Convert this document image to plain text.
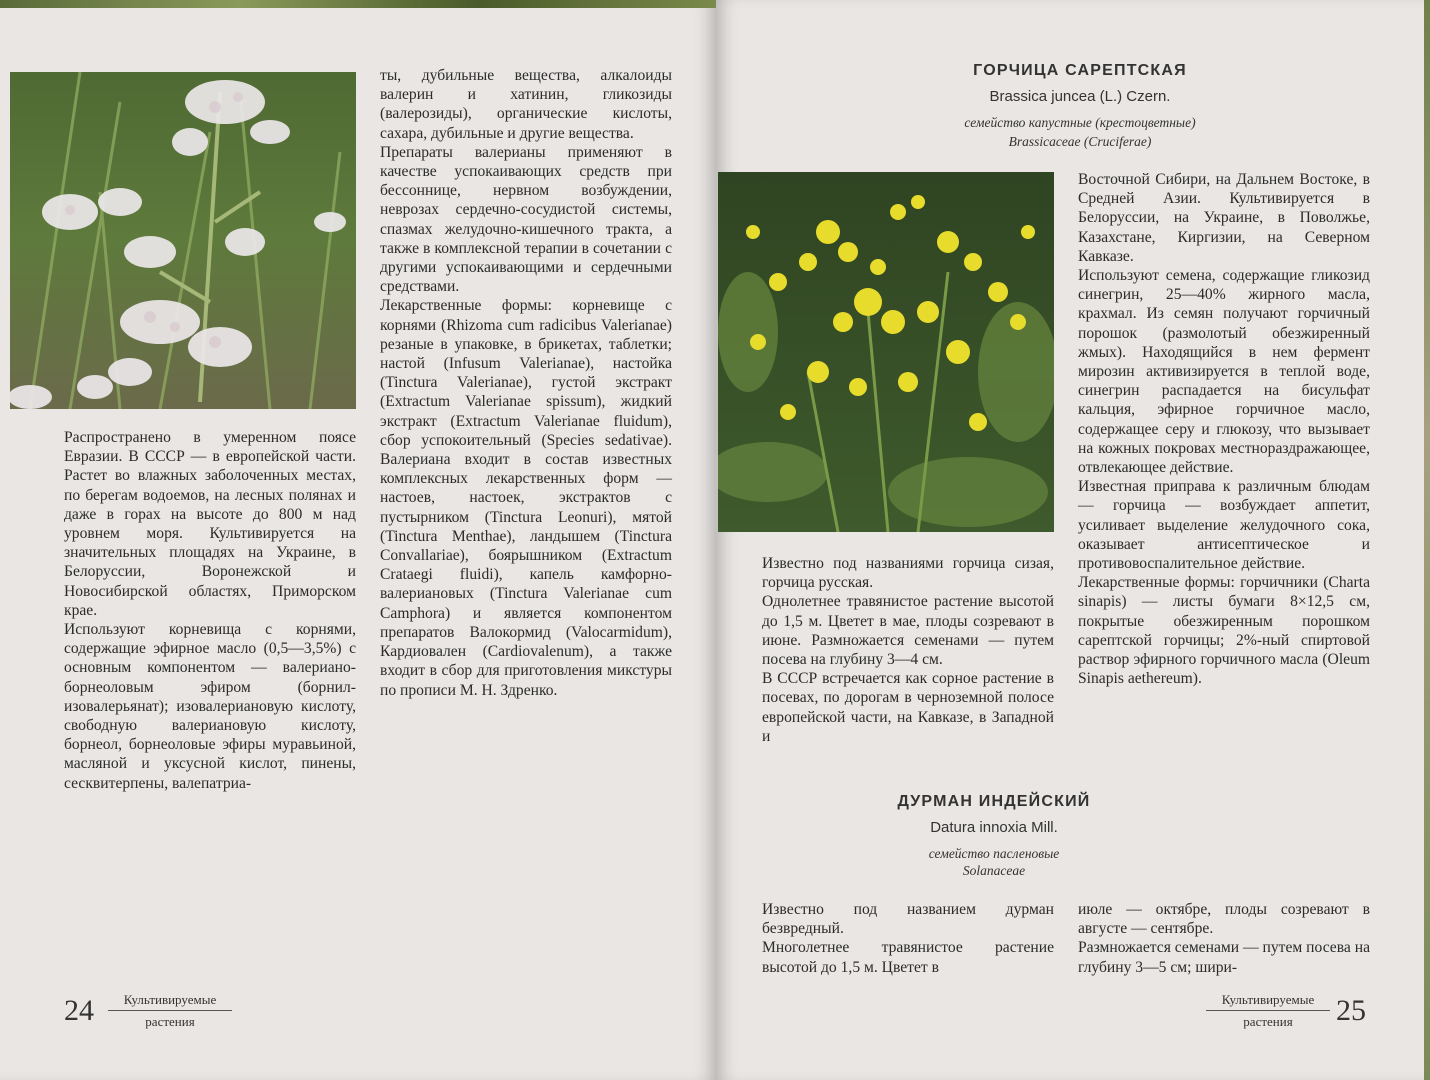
Распространено в умеренном поясе Евразии. В СССР — в европейской части. Растет во влажных заболоченных местах, по берегам водоемов, на лесных полянах и даже в горах на высоте до 800 м над уровнем моря. Культивируется на значительных площадях на Украине, в Белоруссии, Воронежской и Новосибирской областях, Приморском крае.

Используют корневища с корнями, содержащие эфирное масло (0,5—3,5%) с основным компонентом — валериано-борнеоловым эфиром (борнил-изовалерьянат); изовалериановую кислоту, свободную валериановую кислоту, борнеол, борнеоловые эфиры муравьиной, масляной и уксусной кислот, пинены, сесквитерпены, валепатриа-

ты, дубильные вещества, алкалоиды валерин и хатинин, гликозиды (валерозиды), органические кислоты, сахара, дубильные и другие вещества.

Препараты валерианы применяют в качестве успокаивающих средств при бессоннице, нервном возбуждении, неврозах сердечно-сосудистой системы, спазмах желудочно-кишечного тракта, а также в комплексной терапии в сочетании с другими успокаивающими и сердечными средствами.

Лекарственные формы: корневище с корнями (Rhizoma cum radicibus Valerianae) резаные в упаковке, в брикетах, таблетки; настой (Infusum Valerianae), настойка (Tinctura Valerianae), густой экстракт (Extractum Valerianae spissum), жидкий экстракт (Extractum Valerianae fluidum), сбор успокоительный (Species sedativae). Валериана входит в состав известных комплексных лекарственных форм — настоев, настоек, экстрактов с пустырником (Tinctura Leonuri), мятой (Tinctura Menthae), ландышем (Tinctura Convallariae), боярышником (Extractum Crataegi fluidi), капель камфорно-валериановых (Tinctura Valerianae cum Camphora) и является компонентом препаратов Валокормид (Valocarmidum), Кардиовален (Cardiovalenum), а также входит в сбор для приготовления микстуры по прописи М. Н. Здренко.

24	Культивируемые
растения
ГОРЧИЦА САРЕПТСКАЯ
Brassica juncea (L.) Czern.
семейство капустные (крестоцветные)
Brassicaceae (Cruciferae)

Известно под названиями горчица сизая, горчица русская.

Однолетнее травянистое растение высотой до 1,5 м. Цветет в мае, плоды созревают в июне. Размножается семенами — путем посева на глубину 3—4 см.

В СССР встречается как сорное растение в посевах, по дорогам в черноземной полосе европейской части, на Кавказе, в Западной и

Восточной Сибири, на Дальнем Востоке, в Средней Азии. Культивируется в Белоруссии, на Украине, в Поволжье, Казахстане, Киргизии, на Северном Кавказе.

Используют семена, содержащие гликозид синегрин, 25—40% жирного масла, крахмал. Из семян получают горчичный порошок (размолотый обезжиренный жмых). Находящийся в нем фермент мирозин активизируется в теплой воде, синегрин распадается на бисульфат кальция, эфирное горчичное масло, содержащее серу и глюкозу, что вызывает на кожных покровах местнораздражающее, отвлекающее действие.

Известная приправа к различным блюдам — горчица — возбуждает аппетит, усиливает выделение желудочного сока, оказывает антисептическое и противовоспалительное действие.

Лекарственные формы: горчичники (Charta sinapis) — листы бумаги 8×12,5 см, покрытые обезжиренным порошком сарептской горчицы; 2%-ный спиртовой раствор эфирного горчичного масла (Oleum Sinapis aethereum).

ДУРМАН ИНДЕЙСКИЙ
Datura innoxia Mill.
семейство пасленовые
Solanaceae

Известно под названием дурман безвредный.

Многолетнее травянистое растение высотой до 1,5 м. Цветет в

июле — октябре, плоды созревают в августе — сентябре.

Размножается семенами — путем посева на глубину 3—5 см; шири-

Культивируемые
растения	25
